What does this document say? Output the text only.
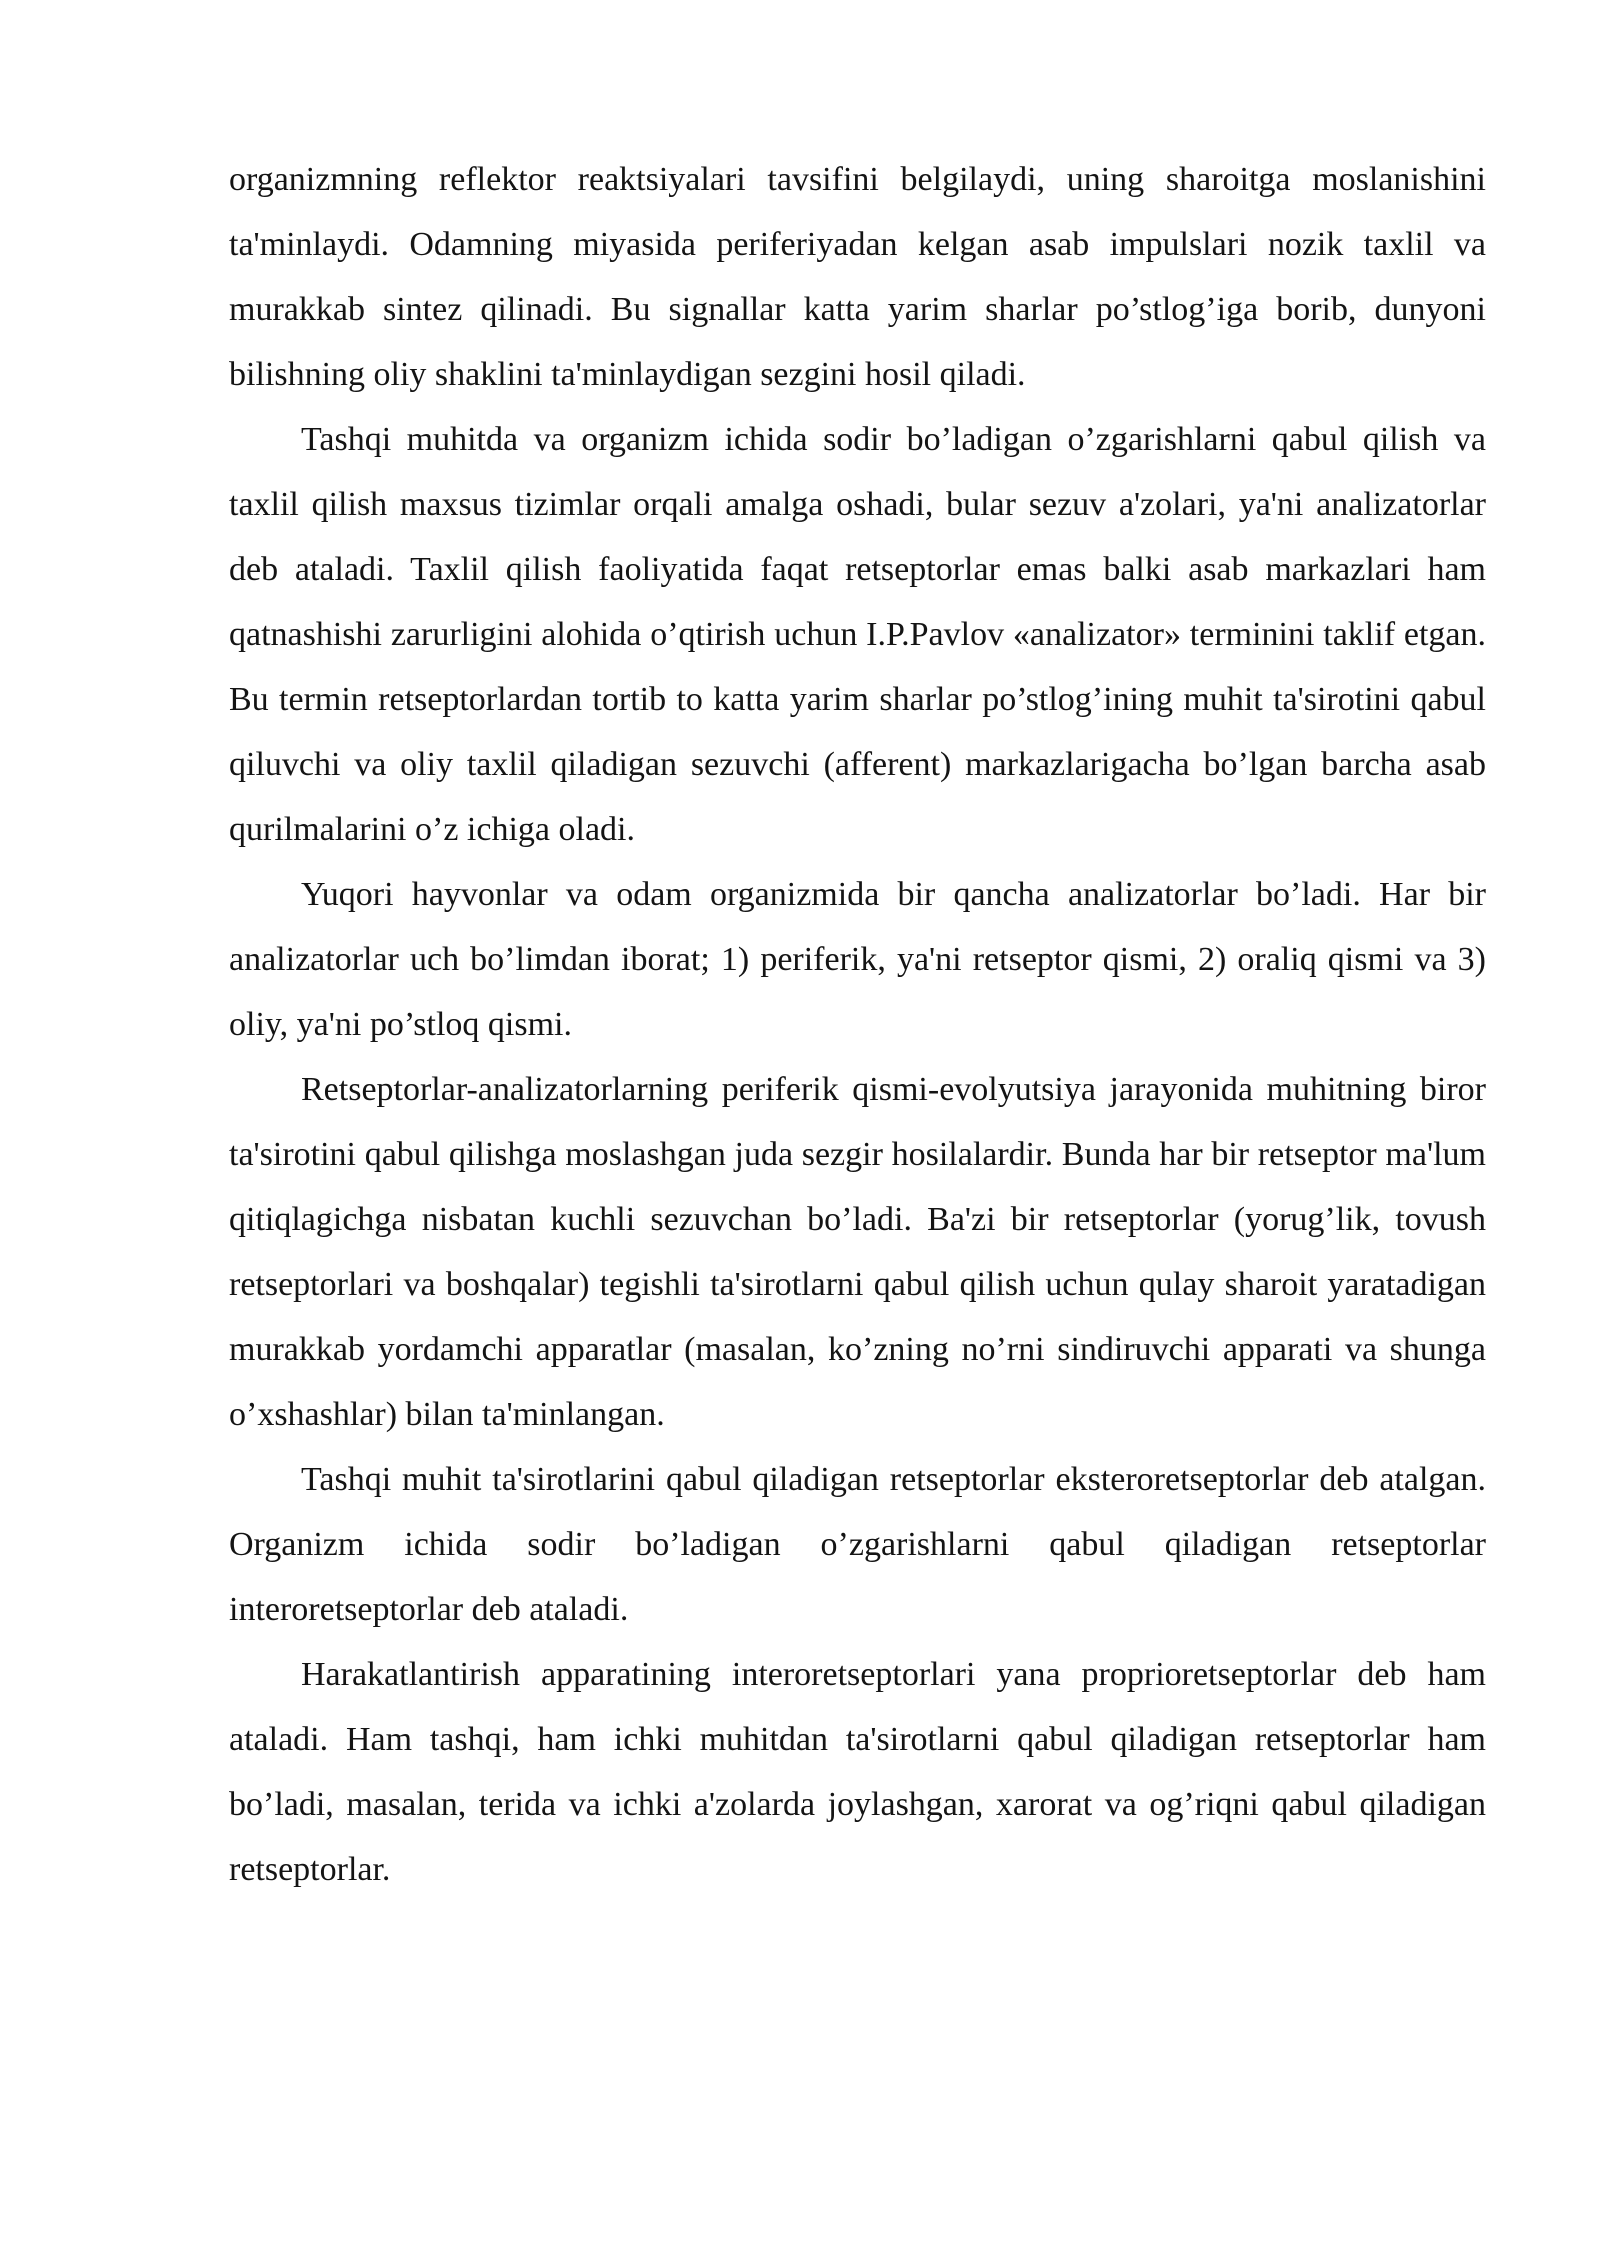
organizmning reflektor reaktsiyalari tavsifini belgilaydi, uning sharoitga moslanishini ta'minlaydi. Odamning miyasida periferiyadan kelgan asab impulslari nozik taxlil va murakkab sintez qilinadi. Bu signallar katta yarim sharlar po’stlog’iga borib, dunyoni bilishning oliy shaklini ta'minlaydigan sezgini hosil qiladi.

Tashqi muhitda va organizm ichida sodir bo’ladigan o’zgarishlarni qabul qilish va taxlil qilish maxsus tizimlar orqali amalga oshadi, bular sezuv a'zolari, ya'ni analizatorlar deb ataladi. Taxlil qilish faoliyatida faqat retseptorlar emas balki asab markazlari ham qatnashishi zarurligini alohida o’qtirish uchun I.P.Pavlov «analizator» terminini taklif etgan. Bu termin retseptorlardan tortib to katta yarim sharlar po’stlog’ining muhit ta'sirotini qabul qiluvchi va oliy taxlil qiladigan sezuvchi (afferent) markazlarigacha bo’lgan barcha asab qurilmalarini o’z ichiga oladi.

Yuqori hayvonlar va odam organizmida bir qancha analizatorlar bo’ladi. Har bir analizatorlar uch bo’limdan iborat; 1) periferik, ya'ni retseptor qismi, 2) oraliq qismi va 3) oliy, ya'ni po’stloq qismi.

Retseptorlar-analizatorlarning periferik qismi-evolyutsiya jarayonida muhitning biror ta'sirotini qabul qilishga moslashgan juda sezgir hosilalardir. Bunda har bir retseptor ma'lum qitiqlagichga nisbatan kuchli sezuvchan bo’ladi. Ba'zi bir retseptorlar (yorug’lik, tovush retseptorlari va boshqalar) tegishli ta'sirotlarni qabul qilish uchun qulay sharoit yaratadigan murakkab yordamchi apparatlar (masalan, ko’zning no’rni sindiruvchi apparati va shunga o’xshashlar) bilan ta'minlangan.

Tashqi muhit ta'sirotlarini qabul qiladigan retseptorlar eksteroretseptorlar deb atalgan. Organizm ichida sodir bo’ladigan o’zgarishlarni qabul qiladigan retseptorlar interoretseptorlar deb ataladi.

Harakatlantirish apparatining interoretseptorlari yana proprioretseptorlar deb ham ataladi. Ham tashqi, ham ichki muhitdan ta'sirotlarni qabul qiladigan retseptorlar ham bo’ladi, masalan, terida va ichki a'zolarda joylashgan, xarorat va og’riqni qabul qiladigan retseptorlar.
